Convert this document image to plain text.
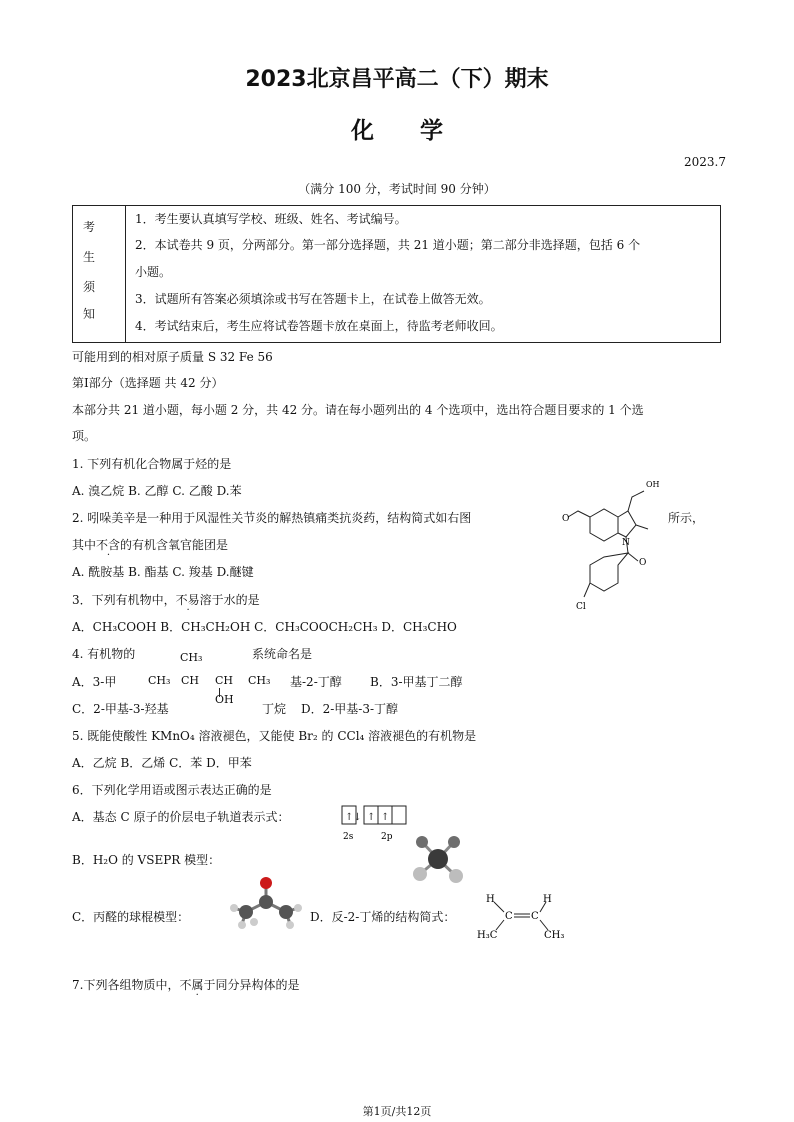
2023北京昌平高二（下）期末
化　　学
2023.7
（满分 100 分，考试时间 90 分钟）
考
生
须
知

1．考生要认真填写学校、班级、姓名、考试编号。
2．本试卷共 9 页，分两部分。第一部分选择题，共 21 道小题；第二部分非选择题，包括 6 个
小题。
3．试题所有答案必须填涂或书写在答题卡上，在试卷上做答无效。
4．考试结束后，考生应将试卷答题卡放在桌面上，待监考老师收回。
可能用到的相对原子质量 S 32 Fe 56
第Ⅰ部分（选择题 共 42 分）
本部分共 21 道小题，每小题 2 分，共 42 分。请在每小题列出的 4 个选项中，选出符合题目要求的 1 个选
项。
1. 下列有机化合物属于烃的是
A. 溴乙烷 B. 乙醇 C. 乙酸 D.苯
2. 吲哚美辛是一种用于风湿性关节炎的解热镇痛类抗炎药，结构简式如右图	所示，
其中不含的有机含氧官能团是
A. 酰胺基 B. 酯基 C. 羧基 D.醚键
OH
O
N
O
Cl
3．下列有机物中，不易溶于水的是
A．CH₃COOH B．CH₃CH₂OH C．CH₃COOCH₂CH₃ D．CH₃CHO
4. 有机物的	系统命名是
CH₃
A．3-甲	CH₃ CH CH CH₃
OH
基-2-丁醇 B．3-甲基丁二醇
C．2-甲基-3-羟基	丁烷 D．2-甲基-3-丁醇
5. 既能使酸性 KMnO₄ 溶液褪色，又能使 Br₂ 的 CCl₄ 溶液褪色的有机物是
A．乙烷 B．乙烯 C．苯 D．甲苯
6．下列化学用语或图示表达正确的是
A．基态 C 原子的价层电子轨道表示式：	↑↓ ↑ ↑
2s	2p
B．H₂O 的 VSEPR 模型：
C．丙醛的球棍模型：	D．反-2-丁烯的结构简式：
H	H
C C
H₃C	CH₃
7.下列各组物质中，不属于同分异构体的是
第1页/共12页
